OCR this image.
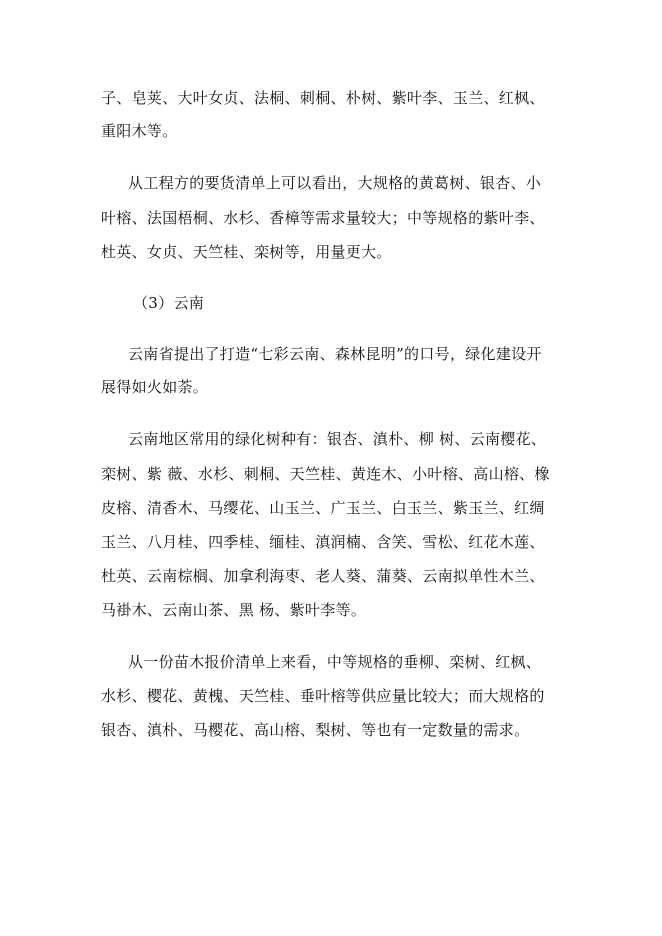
子、皂荚、大叶女贞、法桐、刺桐、朴树、紫叶李、玉兰、红枫、
重阳木等。
从工程方的要货清单上可以看出，大规格的黄葛树、银杏、小
叶榕、法国梧桐、水杉、香樟等需求量较大；中等规格的紫叶李、
杜英、女贞、天竺桂、栾树等，用量更大。
（3）云南
云南省提出了打造“七彩云南、森林昆明”的口号，绿化建设开
展得如火如荼。
云南地区常用的绿化树种有：银杏、滇朴、柳 树、云南樱花、
栾树、紫 薇、水杉、刺桐、天竺桂、黄连木、小叶榕、高山榕、橡
皮榕、清香木、马缨花、山玉兰、广玉兰、白玉兰、紫玉兰、红绸
玉兰、八月桂、四季桂、缅桂、滇润楠、含笑、雪松、红花木莲、
杜英、云南棕榈、加拿利海枣、老人葵、蒲葵、云南拟单性木兰、
马褂木、云南山茶、黑 杨、紫叶李等。
从一份苗木报价清单上来看，中等规格的垂柳、栾树、红枫、
水杉、樱花、黄槐、天竺桂、垂叶榕等供应量比较大；而大规格的
银杏、滇朴、马樱花、高山榕、梨树、等也有一定数量的需求。
